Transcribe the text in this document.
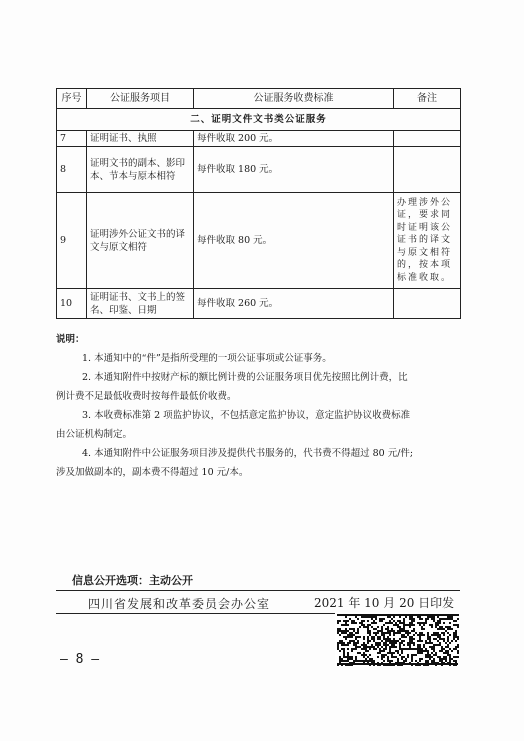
序号	公证服务项目	公证服务收费标准	备注
二、证明文件文书类公证服务			
7	证明证书、执照	每件收取 200 元。	
8	证明文书的副本、影印本、节本与原本相符	每件收取 180 元。	
9	证明涉外公证文书的译文与原文相符	每件收取 80 元。	办理涉外公证，要求同时证明该公证书的译文与原文相符的，按本项标准收取。
10	证明证书、文书上的签名、印鉴、日期	每件收取 260 元。	
说明：

1. 本通知中的“件”是指所受理的一项公证事项或公证事务。

2. 本通知附件中按财产标的额比例计费的公证服务项目优先按照比例计费，比

例计费不足最低收费时按每件最低价收费。

3. 本收费标准第 2 项监护协议，不包括意定监护协议，意定监护协议收费标准

由公证机构制定。

4. 本通知附件中公证服务项目涉及提供代书服务的，代书费不得超过 80 元/件;

涉及加做副本的，副本费不得超过 10 元/本。

信息公开选项：主动公开
四川省发展和改革委员会办公室	2021 年 10 月 20 日印发
— 8 —
